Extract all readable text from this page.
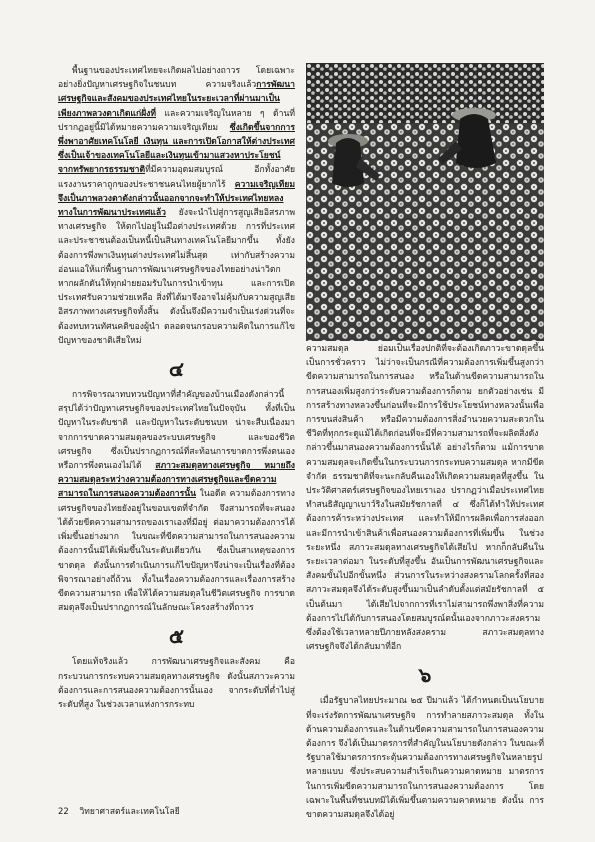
พื้นฐานของประเทศไทยจะเกิดผลไปอย่างถาวร โดยเฉพาะอย่างยิ่งปัญหาเศรษฐกิจในชนบท ความจริงแล้วการพัฒนาเศรษฐกิจและสังคมของประเทศไทยในระยะเวลาที่ผ่านมาเป็นเพียงภาพลวงตาเกิดแก่ฝั่งที่ และความเจริญในหลาย ๆ ด้านที่ปรากฏอยู่นี้มิได้หมายความความเจริญเทียม ซึ่งเกิดขึ้นจากการพึ่งพาอาศัยเทคโนโลยี เงินทุน และการเปิดโอกาสให้ต่างประเทศ ซึ่งเป็นเจ้าของเทคโนโลยีและเงินทุนเข้ามาแสวงหาประโยชน์จากทรัพยากรธรรมชาติที่มีความอุดมสมบูรณ์ อีกทั้งอาศัยแรงงานราคาถูกของประชาชนคนไทยผู้ยากไร้ ความเจริญเทียมจึงเป็นภาพลวงตาดังกล่าวนั้นออกจากจะทำให้ประเทศไทยหลงทางในการพัฒนาประเทศแล้ว ยังจะนำไปสู่การสูญเสียอิสรภาพทางเศรษฐกิจ ให้ตกไปอยู่ในมือต่างประเทศด้วย การที่ประเทศและประชาชนต้องเป็นหนี้เป็นสินทางเทคโนโลยีมากขึ้น ทั้งยังต้องการพึ่งพาเงินทุนต่างประเทศไม่สิ้นสุด เท่ากับสร้างความอ่อนแอให้แก่พื้นฐานการพัฒนาเศรษฐกิจของไทยอย่างน่าวิตก หากผลักดันให้ทุกฝ่ายยอมรับในการนำเข้าทุน และการเปิดประเทศรับความช่วยเหลือ สิ่งที่ได้มาจึงอาจไม่คุ้มกับความสูญเสียอิสรภาพทางเศรษฐกิจทั้งสิ้น ดังนั้นจึงมีความจำเป็นเร่งด่วนที่จะต้องทบทวนทัศนคติของผู้นำ ตลอดจนกรอบความคิดในการแก้ไขปัญหาของชาติเสียใหม่

๔

การพิจารณาทบทวนปัญหาที่สำคัญของบ้านเมืองดังกล่าวนี้ สรุปได้ว่าปัญหาเศรษฐกิจของประเทศไทยในปัจจุบัน ทั้งที่เป็นปัญหาในระดับชาติ และปัญหาในระดับชนบท น่าจะสืบเนื่องมาจากการขาดความสมดุลของระบบเศรษฐกิจ และของชีวิตเศรษฐกิจ ซึ่งเป็นปรากฏการณ์ที่สะท้อนการขาดการพึ่งตนเอง หรือการพึ่งตนเองไม่ได้ สภาวะสมดุลทางเศรษฐกิจ หมายถึง ความสมดุลระหว่างความต้องการทางเศรษฐกิจและขีดความสามารถในการสนองความต้องการนั้น ในอดีต ความต้องการทางเศรษฐกิจของไทยยังอยู่ในขอบเขตที่จำกัด จึงสามารถที่จะสนองได้ด้วยขีดความสามารถของเราเองที่มีอยู่ ต่อมาความต้องการได้เพิ่มขึ้นอย่างมาก ในขณะที่ขีดความสามารถในการสนองความต้องการนั้นมิได้เพิ่มขึ้นในระดับเดียวกัน ซึ่งเป็นสาเหตุของการขาดดุล ดังนั้นการดำเนินการแก้ไขปัญหาจึงน่าจะเป็นเรื่องที่ต้องพิจารณาอย่างถี่ถ้วน ทั้งในเรื่องความต้องการและเรื่องการสร้างขีดความสามารถ เพื่อให้ได้ความสมดุลในชีวิตเศรษฐกิจ การขาดสมดุลจึงเป็นปรากฏการณ์ในลักษณะโครงสร้างที่ถาวร

๕

โดยแท้จริงแล้ว การพัฒนาเศรษฐกิจและสังคม คือกระบวนการกระทบความสมดุลทางเศรษฐกิจ ดังนั้นสภาวะความต้องการและการสนองความต้องการนั้นเอง จากระดับที่ต่ำไปสู่ระดับที่สูง ในช่วงเวลาแห่งการกระทบ

ความสมดุล ย่อมเป็นเรื่องปกติที่จะต้องเกิดภาวะขาดดุลขึ้นเป็นการชั่วคราว ไม่ว่าจะเป็นกรณีที่ความต้องการเพิ่มขึ้นสูงกว่าขีดความสามารถในการสนอง หรือในด้านขีดความสามารถในการสนองเพิ่มสูงกว่าระดับความต้องการก็ตาม ยกตัวอย่างเช่น มีการสร้างทางหลวงขึ้นก่อนที่จะมีการใช้ประโยชน์ทางหลวงนั้นเพื่อการขนส่งสินค้า หรือมีความต้องการสิ่งอำนวยความสะดวกในชีวิตที่ทุกกระดูแม้ได้เกิดก่อนที่จะมีที่ความสามารถที่จะผลิตสิ่งดังกล่าวขึ้นมาสนองความต้องการนั้นได้ อย่างไรก็ตาม แม้การขาดความสมดุลจะเกิดขึ้นในกระบวนการกระทบความสมดุล หากมีขีดจำกัด ธรรมชาติที่จะนะกลับคืนเองให้เกิดความสมดุลที่สูงขึ้น ในประวัติศาสตร์เศรษฐกิจของไทยเราเอง ปรากฏว่าเมื่อประเทศไทยทำสนธิสัญญาเบาว์ริงในสมัยรัชกาลที่ ๔ ซึ่งก็ได้ทำให้ประเทศต้องการค้าระหว่างประเทศ และทำให้มีการผลิตเพื่อการส่งออก และมีการนำเข้าสินค้าเพื่อสนองความต้องการที่เพิ่มขึ้น ในช่วงระยะหนึ่ง สภาวะสมดุลทางเศรษฐกิจได้เสียไป หากก็กลับคืนในระยะเวลาต่อมา ในระดับที่สูงขึ้น อันเป็นการพัฒนาเศรษฐกิจและสังคมขั้นไปอีกขั้นหนึ่ง ส่วนการในระหว่างสงครามโลกครั้งที่สอง สภาวะสมดุลจึงได้ระดับสูงขึ้นมาเป็นลำดับตั้งแต่สมัยรัชกาลที่ ๕ เป็นต้นมา ได้เสียไปจากการที่เราไม่สามารถพึ่งพาสิ่งที่ความต้องการไปได้กับการสนองโดยสมบูรณ์ตนั้นเองจากภาวะสงคราม ซึ่งต้องใช้เวลาหลายปีภายหลังสงคราม สภาวะสมดุลทางเศรษฐกิจจึงได้กลับมาที่อีก

๖

เมื่อรัฐบาลไทยประมาณ ๒๕ ปีมาแล้ว ได้กำหนดเป็นนโยบายที่จะเร่งรัดการพัฒนาเศรษฐกิจ การทำลายสภาวะสมดุล ทั้งในด้านความต้องการและในด้านขีดความสามารถในการสนองความต้องการ จึงได้เป็นมาตรการที่สำคัญในนโยบายดังกล่าว ในขณะที่รัฐบาลใช้มาตรการกระตุ้นความต้องการทางเศรษฐกิจในหลายรูปหลายแบบ ซึ่งประสบความสำเร็จเกินความคาดหมาย มาตรการในการเพิ่มขีดความสามารถในการสนองความต้องการ โดยเฉพาะในพื้นที่ชนบทมิได้เพิ่มขึ้นตามความคาดหมาย ดังนั้น การขาดความสมดุลจึงได้อยู่

22 วิทยาศาสตร์และเทคโนโลยี
